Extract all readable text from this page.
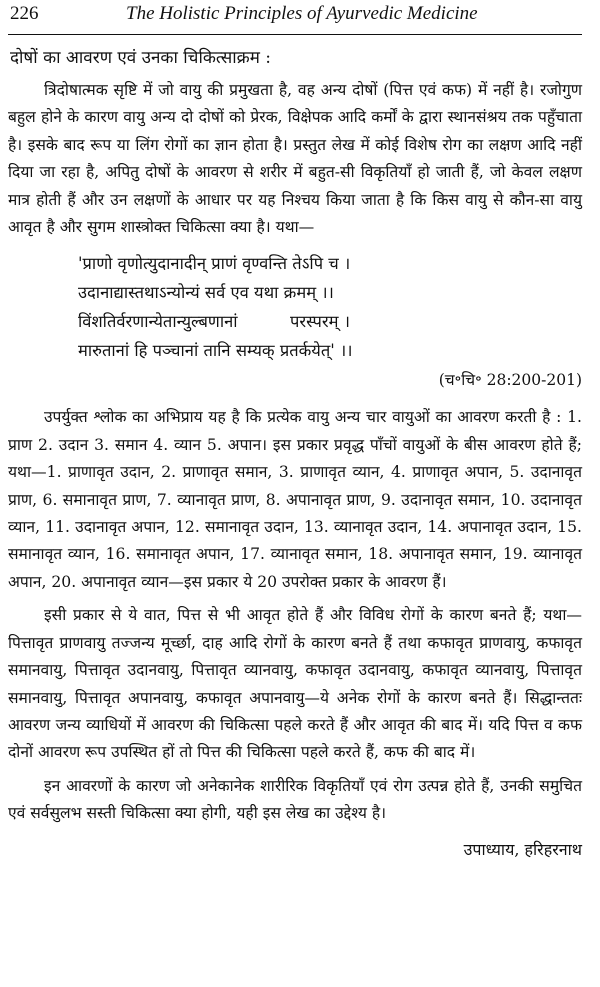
226	The Holistic Principles of Ayurvedic Medicine
दोषों का आवरण एवं उनका चिकित्साक्रम :

त्रिदोषात्मक सृष्टि में जो वायु की प्रमुखता है, वह अन्य दोषों (पित्त एवं कफ) में नहीं है। रजोगुण बहुल होने के कारण वायु अन्य दो दोषों को प्रेरक, विक्षेपक आदि कर्मों के द्वारा स्थानसंश्रय तक पहुँचाता है। इसके बाद रूप या लिंग रोगों का ज्ञान होता है। प्रस्तुत लेख में कोई विशेष रोग का लक्षण आदि नहीं दिया जा रहा है, अपितु दोषों के आवरण से शरीर में बहुत-सी विकृतियाँ हो जाती हैं, जो केवल लक्षण मात्र होती हैं और उन लक्षणों के आधार पर यह निश्चय किया जाता है कि किस वायु से कौन-सा वायु आवृत है और सुगम शास्त्रोक्त चिकित्सा क्या है। यथा—

'प्राणो वृणोत्युदानादीन् प्राणं वृण्वन्ति तेऽपि च ।
उदानाद्यास्तथाऽन्योन्यं सर्व एव यथा क्रमम् ।।
विंशतिर्वरणान्येतान्युल्बणानां          परस्परम् ।
मारुतानां हि पञ्चानां तानि सम्यक् प्रतर्कयेत्' ।।
(च॰चि॰ 28:200-201)

उपर्युक्त श्लोक का अभिप्राय यह है कि प्रत्येक वायु अन्य चार वायुओं का आवरण करती है : 1. प्राण 2. उदान 3. समान 4. व्यान 5. अपान। इस प्रकार प्रवृद्ध पाँचों वायुओं के बीस आवरण होते हैं; यथा—1. प्राणावृत उदान, 2. प्राणावृत समान, 3. प्राणावृत व्यान, 4. प्राणावृत अपान, 5. उदानावृत प्राण, 6. समानावृत प्राण, 7. व्यानावृत प्राण, 8. अपानावृत प्राण, 9. उदानावृत समान, 10. उदानावृत व्यान, 11. उदानावृत अपान, 12. समानावृत उदान, 13. व्यानावृत उदान, 14. अपानावृत उदान, 15. समानावृत व्यान, 16. समानावृत अपान, 17. व्यानावृत समान, 18. अपानावृत समान, 19. व्यानावृत अपान, 20. अपानावृत व्यान—इस प्रकार ये 20 उपरोक्त प्रकार के आवरण हैं।

इसी प्रकार से ये वात, पित्त से भी आवृत होते हैं और विविध रोगों के कारण बनते हैं; यथा—पित्तावृत प्राणवायु तज्जन्य मूर्च्छा, दाह आदि रोगों के कारण बनते हैं तथा कफावृत प्राणवायु, कफावृत समानवायु, पित्तावृत उदानवायु, पित्तावृत व्यानवायु, कफावृत उदानवायु, कफावृत व्यानवायु, पित्तावृत समानवायु, पित्तावृत अपानवायु, कफावृत अपानवायु—ये अनेक रोगों के कारण बनते हैं। सिद्धान्ततः आवरण जन्य व्याधियों में आवरण की चिकित्सा पहले करते हैं और आवृत की बाद में। यदि पित्त व कफ दोनों आवरण रूप उपस्थित हों तो पित्त की चिकित्सा पहले करते हैं, कफ की बाद में।

इन आवरणों के कारण जो अनेकानेक शारीरिक विकृतियाँ एवं रोग उत्पन्न होते हैं, उनकी समुचित एवं सर्वसुलभ सस्ती चिकित्सा क्या होगी, यही इस लेख का उद्देश्य है।

उपाध्याय, हरिहरनाथ
